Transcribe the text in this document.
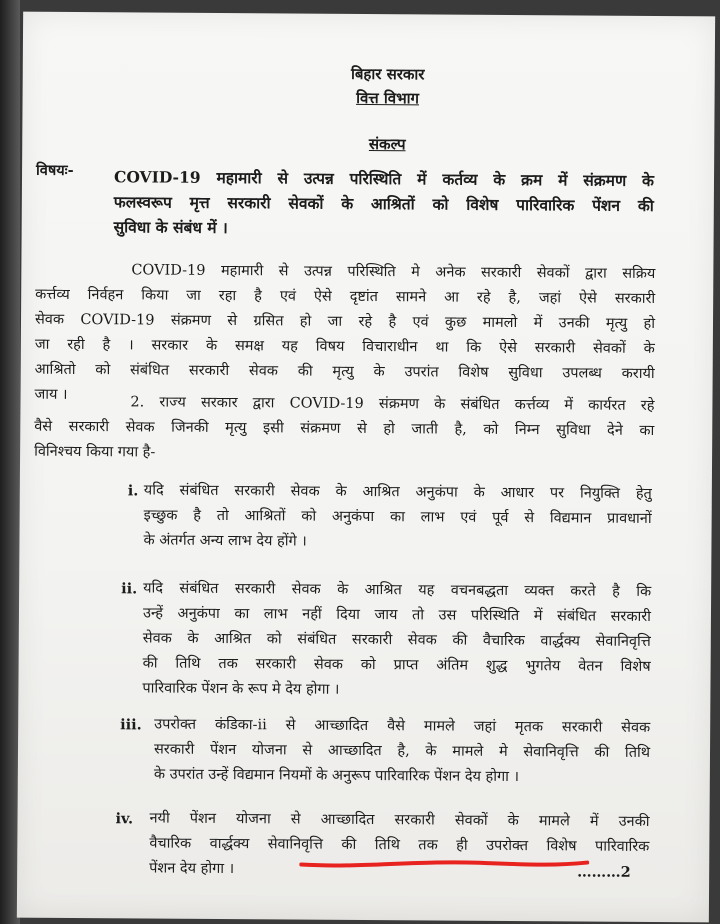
बिहार सरकार
वित्त विभाग
संकल्प
विषयः-	COVID-19 महामारी से उत्पन्न परिस्थिति में कर्तव्य के क्रम में संक्रमण के
फलस्वरूप मृत्त सरकारी सेवकों के आश्रितों को विशेष पारिवारिक पेंशन की
सुविधा के संबंध में ।
COVID-19 महामारी से उत्पन्न परिस्थिति मे अनेक सरकारी सेवकों द्वारा सक्रिय
कर्त्तव्य निर्वहन किया जा रहा है एवं ऐसे दृष्टांत सामने आ रहे है, जहां ऐसे सरकारी
सेवक COVID-19 संक्रमण से ग्रसित हो जा रहे है एवं कुछ मामलो में उनकी मृत्यु हो
जा रही है । सरकार के समक्ष यह विषय विचाराधीन था कि ऐसे सरकारी सेवकों के
आश्रितो को संबंधित सरकारी सेवक की मृत्यु के उपरांत विशेष सुविधा उपलब्ध करायी
जाय ।	2. राज्य सरकार द्वारा COVID-19 संक्रमण के संबंधित कर्त्तव्य में कार्यरत रहे
वैसे सरकारी सेवक जिनकी मृत्यु इसी संक्रमण से हो जाती है, को निम्न सुविधा देने का
विनिश्चय किया गया है-
i. यदि संबंधित सरकारी सेवक के आश्रित अनुकंपा के आधार पर नियुक्ति हेतु
इच्छुक है तो आश्रितों को अनुकंपा का लाभ एवं पूर्व से विद्यमान प्रावधानों
के अंतर्गत अन्य लाभ देय होंगे ।
ii. यदि संबंधित सरकारी सेवक के आश्रित यह वचनबद्धता व्यक्त करते है कि
उन्हें अनुकंपा का लाभ नहीं दिया जाय तो उस परिस्थिति में संबंधित सरकारी
सेवक के आश्रित को संबंधित सरकारी सेवक की वैचारिक वार्द्धक्य सेवानिवृत्ति
की तिथि तक सरकारी सेवक को प्राप्त अंतिम शुद्ध भुगतेय वेतन विशेष
पारिवारिक पेंशन के रूप मे देय होगा ।
iii. उपरोक्त कंडिका-ii से आच्छादित वैसे मामले जहां मृतक सरकारी सेवक
सरकारी पेंशन योजना से आच्छादित है, के मामले मे सेवानिवृत्ति की तिथि
के उपरांत उन्हें विद्यमान नियमों के अनुरूप पारिवारिक पेंशन देय होगा ।
iv. नयी पेंशन योजना से आच्छादित सरकारी सेवकों के मामले में उनकी
वैचारिक वार्द्धक्य सेवानिवृत्ति की तिथि तक ही उपरोक्त विशेष पारिवारिक
पेंशन देय होगा ।	………2
